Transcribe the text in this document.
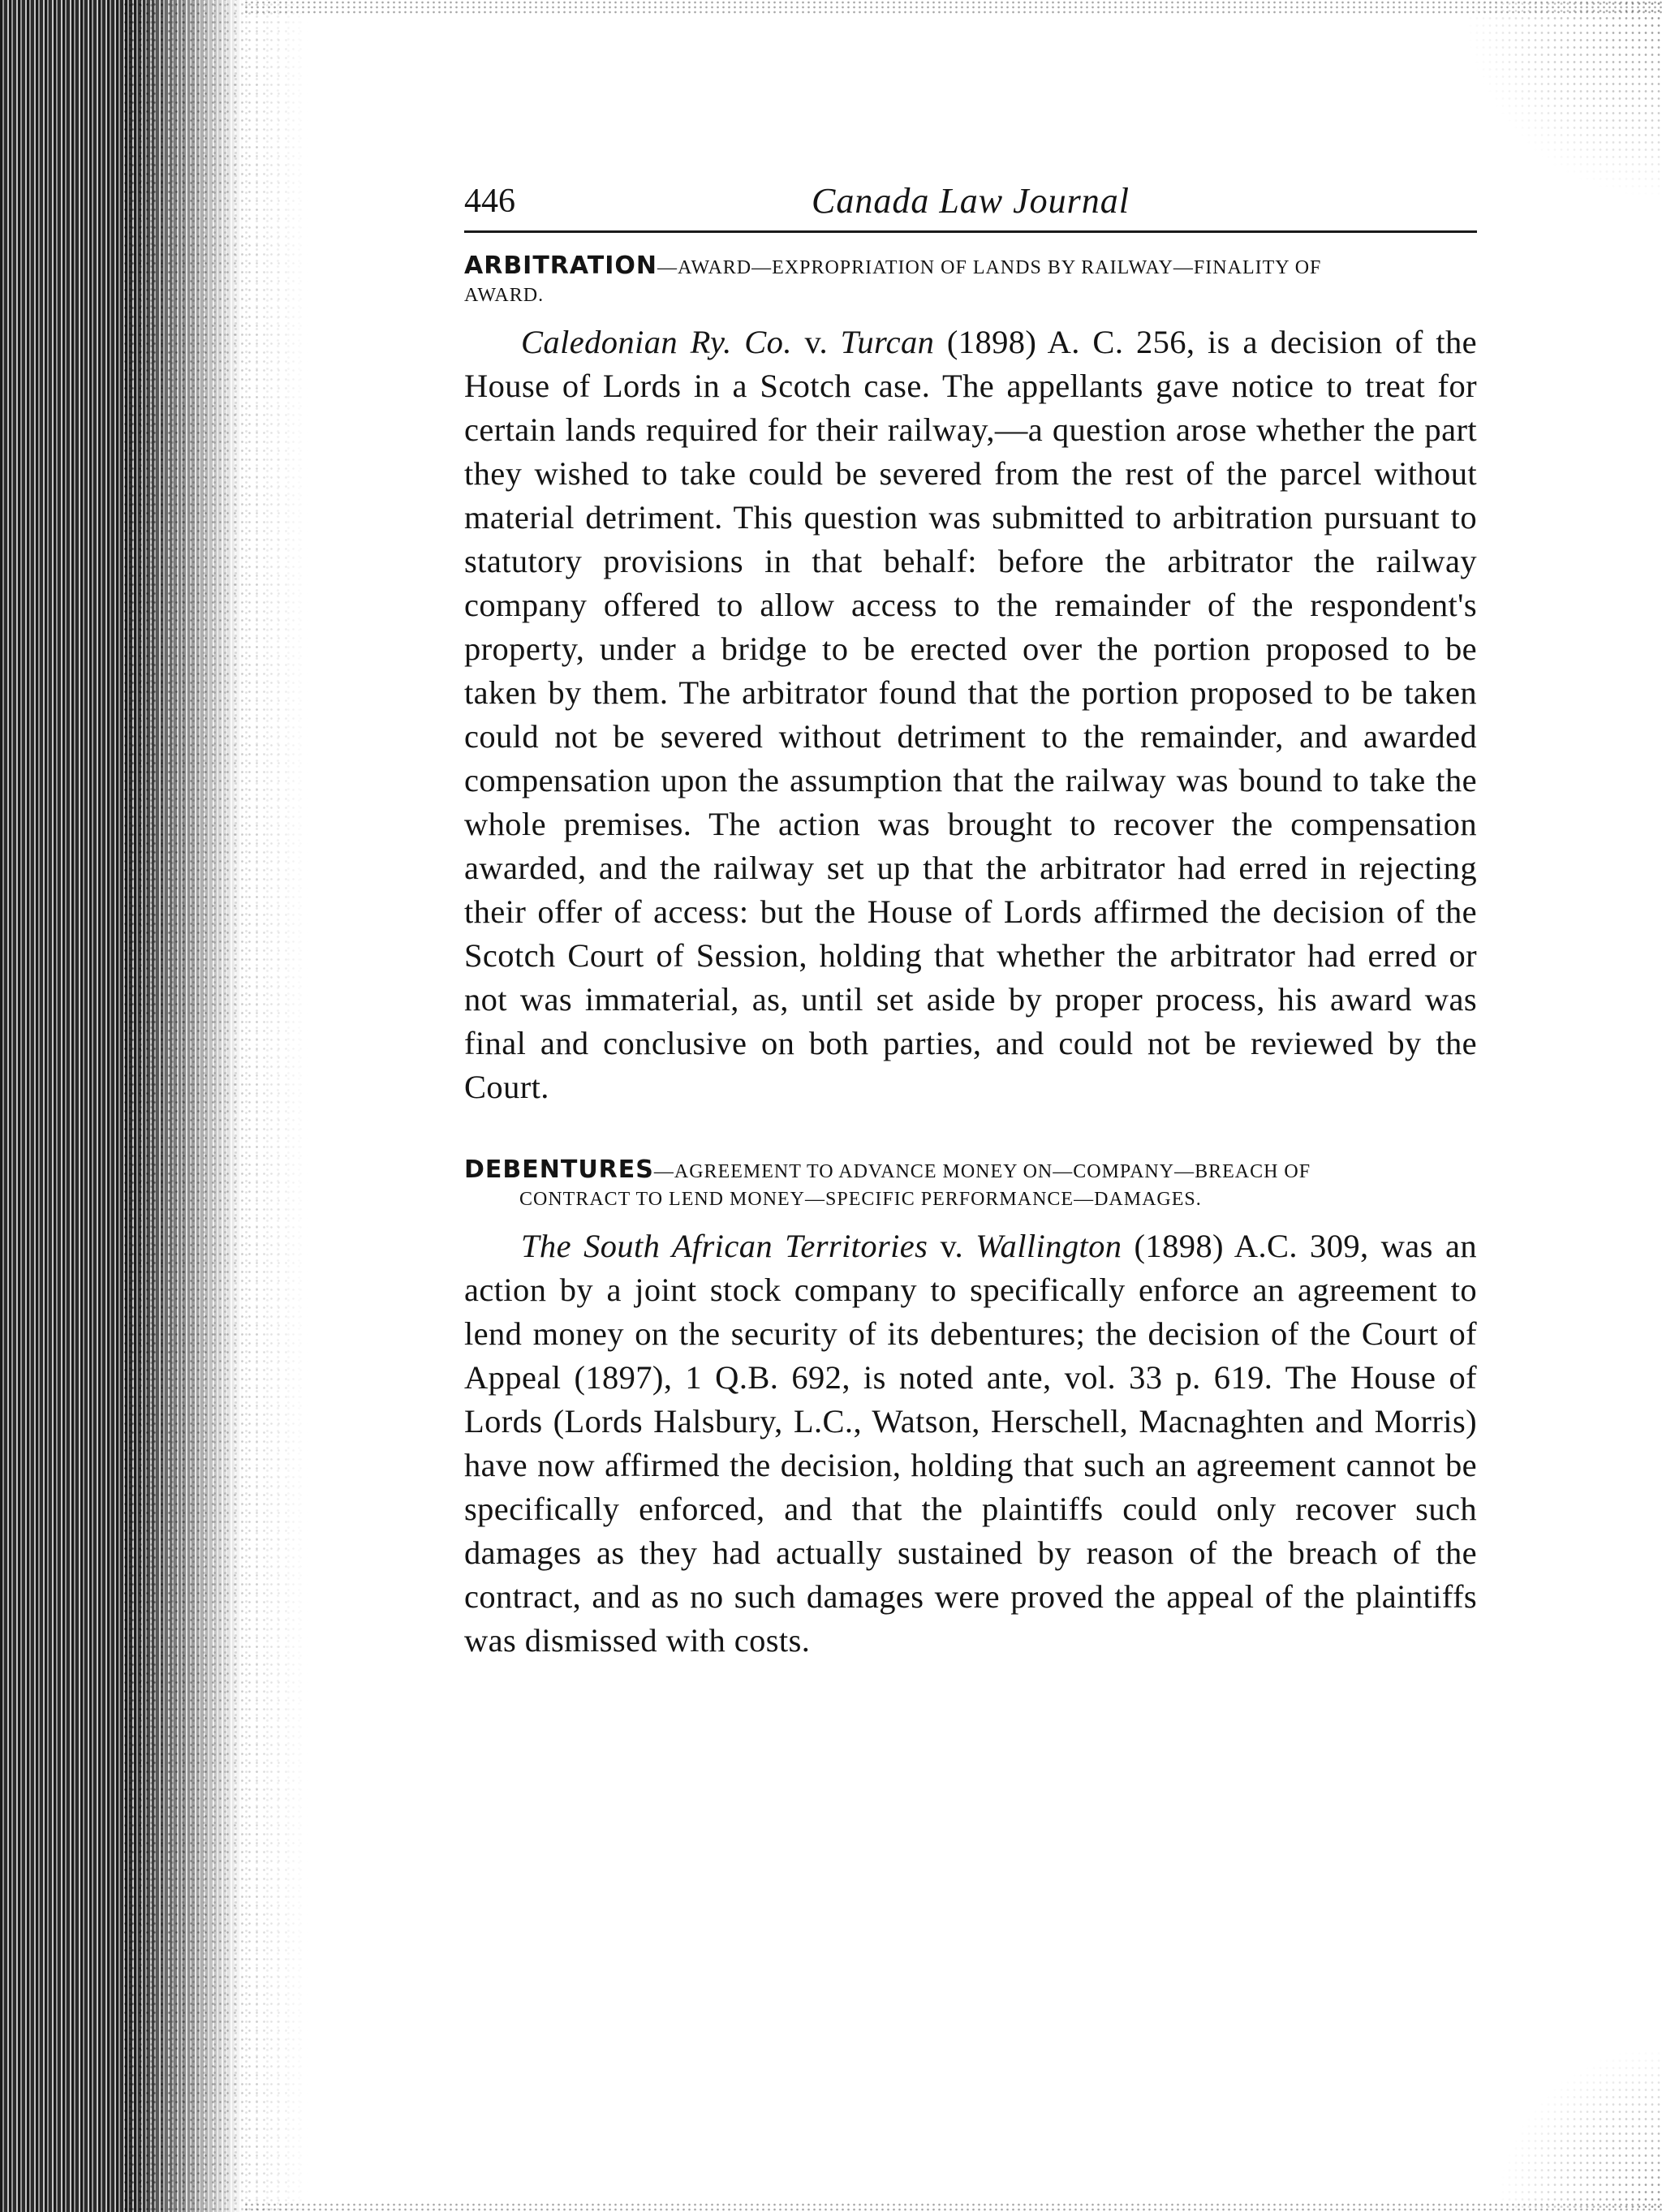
446	Canada Law Journal
ARBITRATION—AWARD—EXPROPRIATION OF LANDS BY RAILWAY—FINALITY OF
AWARD.

Caledonian Ry. Co. v. Turcan (1898) A. C. 256, is a decision of the House of Lords in a Scotch case. The appellants gave notice to treat for certain lands required for their railway,—a question arose whether the part they wished to take could be severed from the rest of the parcel without material detriment. This question was submitted to arbitration pursuant to statutory provisions in that behalf: before the arbitrator the railway company offered to allow access to the remainder of the respondent's property, under a bridge to be erected over the portion proposed to be taken by them. The arbitrator found that the portion proposed to be taken could not be severed without detriment to the remainder, and awarded compensation upon the assumption that the railway was bound to take the whole premises. The action was brought to recover the compensation awarded, and the railway set up that the arbitrator had erred in rejecting their offer of access: but the House of Lords affirmed the decision of the Scotch Court of Session, holding that whether the arbitrator had erred or not was immaterial, as, until set aside by proper process, his award was final and conclusive on both parties, and could not be reviewed by the Court.

DEBENTURES—AGREEMENT TO ADVANCE MONEY ON—COMPANY—BREACH OF
CONTRACT TO LEND MONEY—SPECIFIC PERFORMANCE—DAMAGES.

The South African Territories v. Wallington (1898) A.C. 309, was an action by a joint stock company to specifically enforce an agreement to lend money on the security of its debentures; the decision of the Court of Appeal (1897), 1 Q.B. 692, is noted ante, vol. 33 p. 619. The House of Lords (Lords Halsbury, L.C., Watson, Herschell, Macnaghten and Morris) have now affirmed the decision, holding that such an agreement cannot be specifically enforced, and that the plaintiffs could only recover such damages as they had actually sustained by reason of the breach of the contract, and as no such damages were proved the appeal of the plaintiffs was dismissed with costs.
